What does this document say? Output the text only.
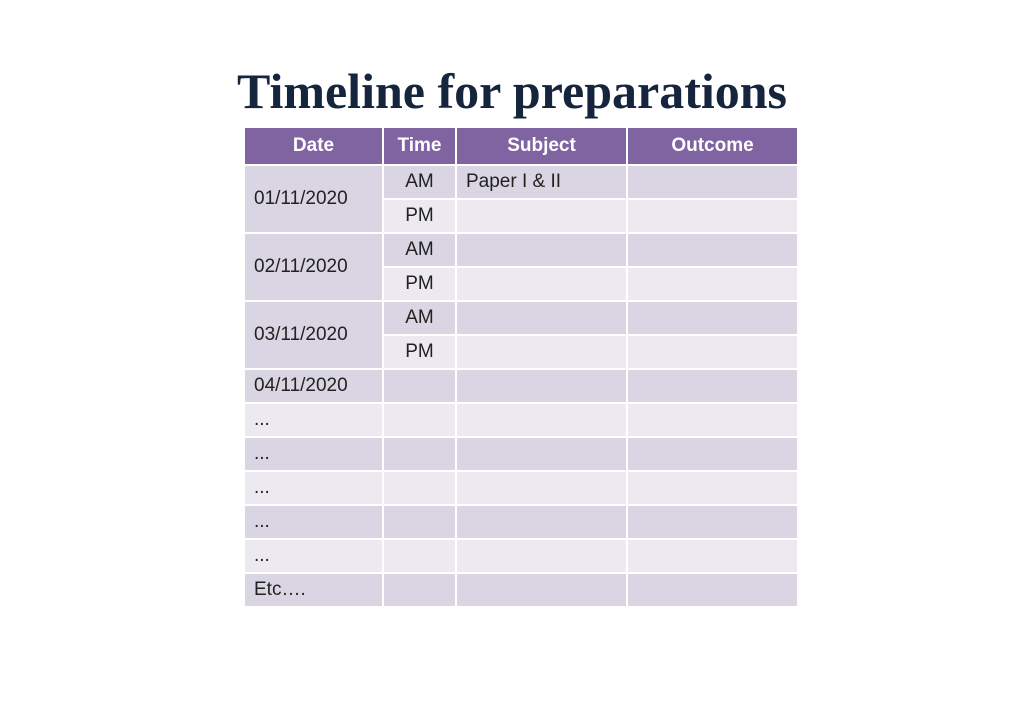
Timeline for preparations
Date	Time	Subject	Outcome
01/11/2020	AM	Paper I & II	
	PM		
02/11/2020	AM		
	PM		
03/11/2020	AM		
	PM		
04/11/2020			
...			
...			
...			
...			
...			
Etc….			
